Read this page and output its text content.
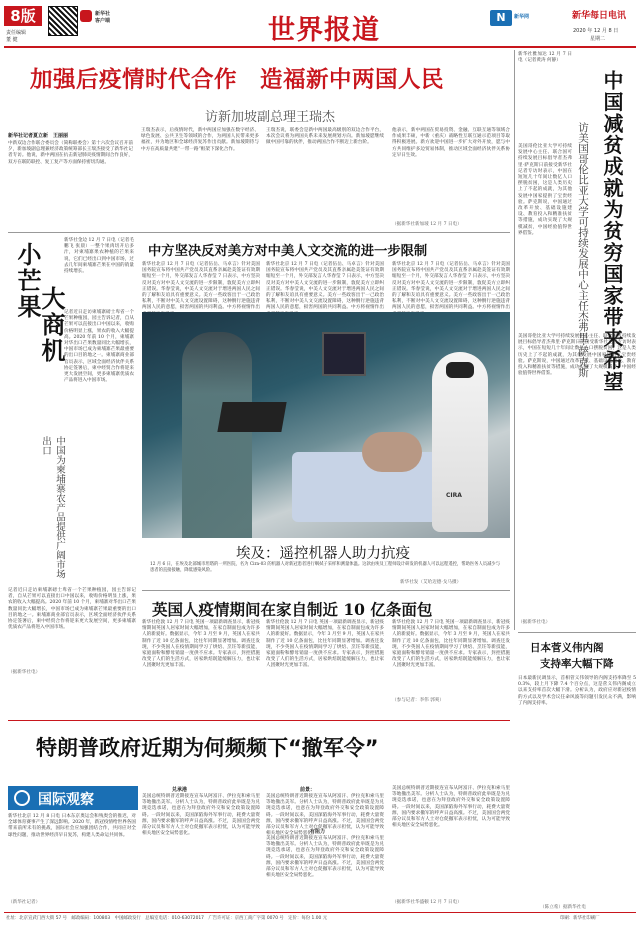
8版
责任编辑
董 健
新华社
客户端	世界报道	N	新华网	新华每日电讯
2020 年 12 月 8 日
星期二
加强后疫情时代合作　造福新中两国人民
访新加坡副总理王瑞杰
新华社记者夏立新　王丽丽
中新双边合作联合委员会（简称联委会）第十六次会议召开前夕，新加坡副总理兼经济政策统筹部长王瑞杰接受了新华社记者专访。他说，新中两国在抗击新冠肺炎疫情期间合作良好，双方在联防联控、复工复产等方面保持密切沟通。
王瑞杰表示，后疫情时代，新中两国应加强在数字经济、绿色发展、公共卫生等领域的合作，为两国人民带来更多福祉，并为地区和全球经济复苏作出贡献。新加坡期待与中方在高质量共建“一带一路”框架下深化合作。
王瑞杰说，联委会是新中两国最高级别的双边合作平台，本次会议将为两国关系未来发展规划方向。新加坡愿继续做中国可靠的伙伴，推动两国合作不断迈上新台阶。
他表示，新中两国在贸易投资、金融、互联互通等领域合作成果丰硕，中新（重庆）战略性互联互通示范项目等取得积极进展。新方欢迎中国进一步扩大对外开放，愿与中方共同维护多边贸易体制，推动区域全面经济伙伴关系协定早日生效。
（据新华社新加坡 12 月 7 日电）
小芒果
大商机
中国为柬埔寨农产品提供广阔市场出口
新华社金边 12 月 7 日电（记者毛鹏飞 张晨）一整个果肉切开后多汁，对柬埔寨果农种植的芒果来说，它们已经出口到中国市场，过去几年间柬埔寨芒果在中国的销量持续增长。
记者近日走访柬埔寨磅士卑省一个芒果种植园，园主告诉记者，自从芒果可以直接出口中国以来，收购价格明显上涨，果农的收入大幅提高。2020 年前 10 个月，柬埔寨对华出口芒果数量同比大幅增长，中国市场已成为柬埔寨芒果最重要的出口目的地之一。柬埔寨商业部官员表示，区域全面经济伙伴关系协定签署后，柬中经贸合作将迎来更大发展空间，更多柬埔寨优质农产品将进入中国市场。
记者近日走访柬埔寨磅士卑省一个芒果种植园，园主告诉记者，自从芒果可以直接出口中国以来，收购价格明显上涨，果农的收入大幅提高。2020 年前 10 个月，柬埔寨对华出口芒果数量同比大幅增长，中国市场已成为柬埔寨芒果最重要的出口目的地之一。柬埔寨商业部官员表示，区域全面经济伙伴关系协定签署后，柬中经贸合作将迎来更大发展空间，更多柬埔寨优质农产品将进入中国市场。
（据新华社电）
中方坚决反对美方对中美人文交流的进一步限制
新华社北京 12 月 7 日电（记者伍岳、马卓言）针对美国国务院宣布将中国共产党员及其直系亲属赴美签证有效期缩短至一个月，外交部发言人华春莹 7 日表示，中方坚决反对美方对中美人文交流的进一步限制，敦促美方立即纠正错误。华春莹说，中美人文交流对于增进两国人民之间的了解和友谊具有重要意义。美方一些政客出于一己政治私利，不断对中美人文交流设置障碍，这种倒行逆施违背两国人民的意愿，损害两国的共同利益。中方将视情作出
新华社北京 12 月 7 日电（记者伍岳、马卓言）针对美国国务院宣布将中国共产党员及其直系亲属赴美签证有效期缩短至一个月，外交部发言人华春莹 7 日表示，中方坚决反对美方对中美人文交流的进一步限制，敦促美方立即纠正错误。华春莹说，中美人文交流对于增进两国人民之间的了解和友谊具有重要意义。美方一些政客出于一己政治私利，不断对中美人文交流设置障碍，这种倒行逆施违背两国人民的意愿，损害两国的共同利益。中方将视情作出
新华社北京 12 月 7 日电（记者伍岳、马卓言）针对美国国务院宣布将中国共产党员及其直系亲属赴美签证有效期缩短至一个月，外交部发言人华春莹 7 日表示，中方坚决反对美方对中美人文交流的进一步限制，敦促美方立即纠正错误。华春莹说，中美人文交流对于增进两国人民之间的了解和友谊具有重要意义。美方一些政客出于一己政治私利，不断对中美人文交流设置障碍，这种倒行逆施违背两国人民的意愿，损害两国的共同利益。中方将视情作出
CIRA
埃及：遥控机器人助力抗疫
12 月 6 日，在埃及北部城市坦塔的一所医院，名为 Cira-03 的机器人对新冠患者进行咽拭子采样和测量体温。这款由埃及工程师设计研发的机器人可以远程遥控，帮助医务人员减少与患者的直接接触，降低感染风险。
新华社发（艾哈迈德·戈马摄）
英国人疫情期间在家自制近 10 亿条面包
新华社伦敦 12 月 7 日电 英国一项最新调查显示，新冠疫情期间英国人居家时间大幅增加，在家自制面包成为许多人的新爱好。数据显示，今年 3 月至 9 月，英国人在家共制作了近 10 亿条面包，比往年同期显著增加。调查还发现，不少英国人在疫情期间学习了烘焙、烹饪等新技能，家庭面粉和酵母销量一度供不应求。专家表示，封控措施改变了人们的生活方式，居家烘焙既能缓解压力，也让家人团聚时光更加丰富。
新华社伦敦 12 月 7 日电 英国一项最新调查显示，新冠疫情期间英国人居家时间大幅增加，在家自制面包成为许多人的新爱好。数据显示，今年 3 月至 9 月，英国人在家共制作了近 10 亿条面包，比往年同期显著增加。调查还发现，不少英国人在疫情期间学习了烘焙、烹饪等新技能，家庭面粉和酵母销量一度供不应求。专家表示，封控措施改变了人们的生活方式，居家烘焙既能缓解压力，也让家人团聚时光更加丰富。
新华社伦敦 12 月 7 日电 英国一项最新调查显示，新冠疫情期间英国人居家时间大幅增加，在家自制面包成为许多人的新爱好。数据显示，今年 3 月至 9 月，英国人在家共制作了近 10 亿条面包，比往年同期显著增加。调查还发现，不少英国人在疫情期间学习了烘焙、烹饪等新技能，家庭面粉和酵母销量一度供不应求。专家表示，封控措施改变了人们的生活方式，居家烘焙既能缓解压力，也让家人团聚时光更加丰富。
（参与记者：李伟 郭爽）
新华社雅加达 12 月 7 日电（记者黄涛 何静）
中国减贫成就为贫穷国家带来希望
访美国哥伦比亚大学可持续发展中心主任杰弗里·萨克斯
美国哥伦比亚大学可持续发展中心主任、联合国可持续发展目标倡导者杰弗里·萨克斯日前接受新华社记者专访时表示，中国在短短几十年间让数亿人口摆脱贫困，这是人类历史上了不起的成就，为其他发展中国家提供了宝贵经验。萨克斯说，中国通过改革开放、基础设施建设、教育投入和精准扶贫等措施，成功实现了大规模减贫，中国经验值得世界借鉴。
美国哥伦比亚大学可持续发展中心主任、联合国可持续发展目标倡导者杰弗里·萨克斯日前接受新华社记者专访时表示，中国在短短几十年间让数亿人口摆脱贫困，这是人类历史上了不起的成就，为其他发展中国家提供了宝贵经验。萨克斯说，中国通过改革开放、基础设施建设、教育投入和精准扶贫等措施，成功实现了大规模减贫，中国经验值得世界借鉴。
（据新华社电）
日本菅义伟内阁
支持率大幅下降
日本最新民调显示，首相菅义伟领导的内阁支持率降至 50.3%，较上月下降 7.4 个百分点，这是菅义伟内阁成立以来支持率首次大幅下滑。分析认为，政府应对新冠疫情的方式以及学术会议任命风波等问题引发民众不满，影响了内阁支持率。
（陈立希）据新华社电
特朗普政府近期为何频频下“撤军令”
国际观察
新华社北京 12 月 8 日电 日本东京奥运会和残奥会的推迟，对全球体育赛事产生了深远影响。2020 年，新冠疫情给世界各国带来前所未有的挑战，国际社会应加强团结合作，共同应对全球性问题，推动世界经济早日复苏，构建人类命运共同体。
（新华社记者）
兑承港
美国总统特朗普近期接连宣布从阿富汗、伊拉克和索马里等地撤出美军。分析人士认为，特朗普政府此举既是为兑现竞选承诺，也意在为拜登政府外交和安全政策设置障碍。一段时间以来，美国深陷海外军事行动，耗费大量资源，国内要求撤军的呼声日益高涨。不过，美国国会两党部分议员和军方人士对仓促撤军表示担忧，认为可能导致相关地区安全局势恶化。
前景：
美国总统特朗普近期接连宣布从阿富汗、伊拉克和索马里等地撤出美军。分析人士认为，特朗普政府此举既是为兑现竞选承诺，也意在为拜登政府外交和安全政策设置障碍。一段时间以来，美国深陷海外军事行动，耗费大量资源，国内要求撤军的呼声日益高涨。不过，美国国会两党部分议员和军方人士对仓促撤军表示担忧，认为可能导致相关地区安全局势恶化。
有阻力
美国总统特朗普近期接连宣布从阿富汗、伊拉克和索马里等地撤出美军。分析人士认为，特朗普政府此举既是为兑现竞选承诺，也意在为拜登政府外交和安全政策设置障碍。一段时间以来，美国深陷海外军事行动，耗费大量资源，国内要求撤军的呼声日益高涨。不过，美国国会两党部分议员和军方人士对仓促撤军表示担忧，认为可能导致相关地区安全局势恶化。
美国总统特朗普近期接连宣布从阿富汗、伊拉克和索马里等地撤出美军。分析人士认为，特朗普政府此举既是为兑现竞选承诺，也意在为拜登政府外交和安全政策设置障碍。一段时间以来，美国深陷海外军事行动，耗费大量资源，国内要求撤军的呼声日益高涨。不过，美国国会两党部分议员和军方人士对仓促撤军表示担忧，认为可能导致相关地区安全局势恶化。
（据新华社华盛顿 12 月 7 日电）
社址：北京宣武门西大街 57 号　邮政编码：100803　中国邮政发行　总编室电话：010-63072017　广告许可证：京西工商广字第 0070 号　定价：每份 1.00 元	印刷：新华社印刷厂
